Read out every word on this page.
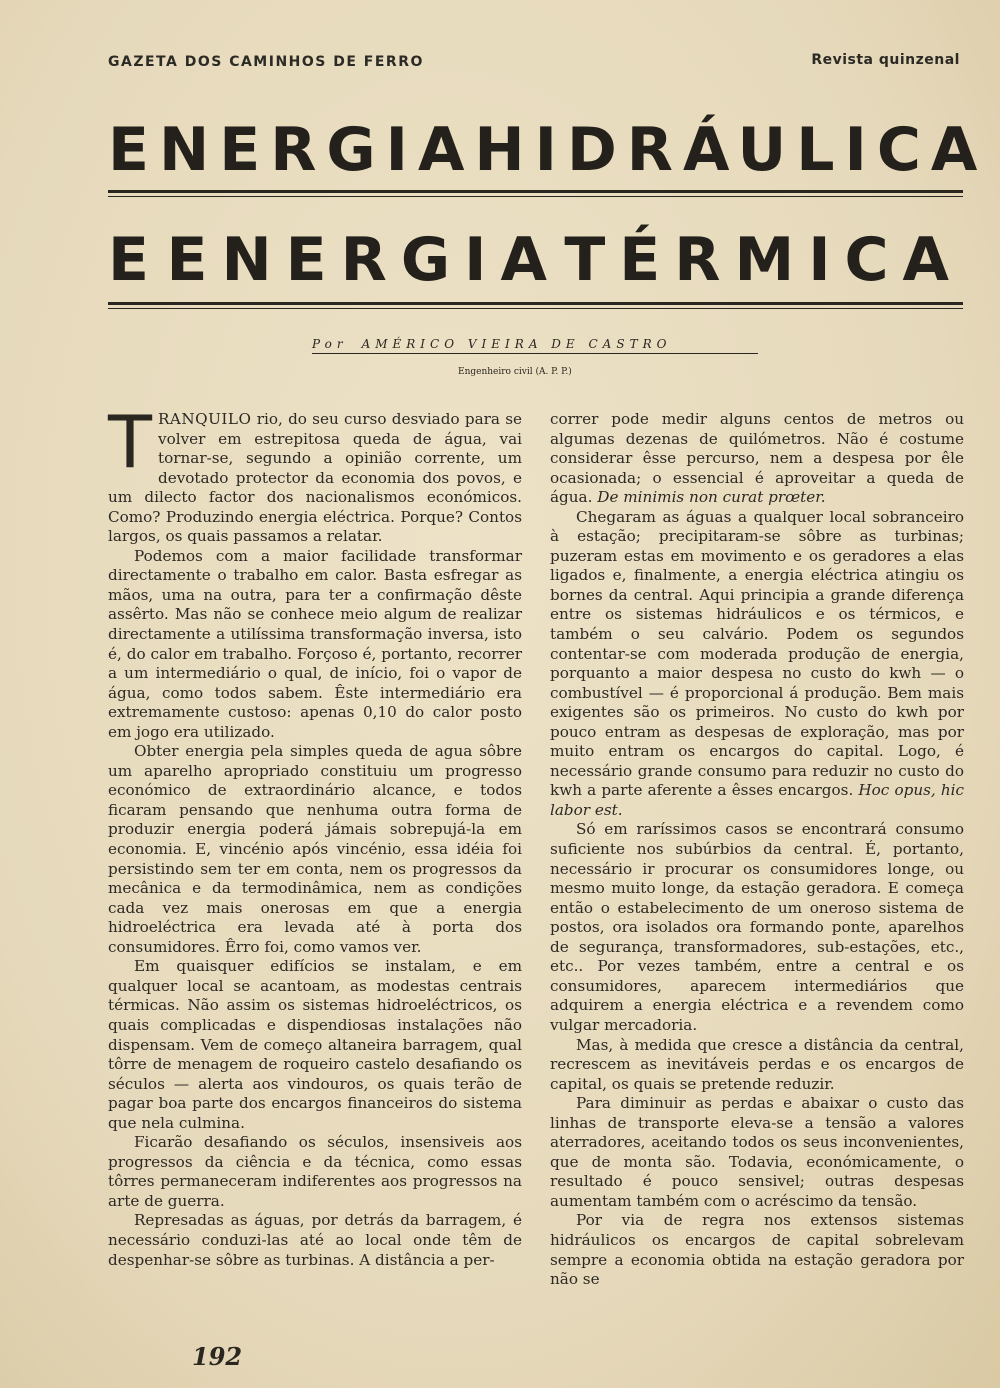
GAZETA DOS CAMINHOS DE FERRO	Revista quinzenal
ENERGIA HIDRÁULICA
E ENERGIA TÉRMICA
Por AMÉRICO VIEIRA DE CASTRO
Engenheiro civil (A. P. P.)

TRANQUILO rio, do seu curso desviado para se volver em estrepitosa queda de água, vai tornar-se, segundo a opinião corrente, um devotado protector da economia dos povos, e um dilecto factor dos nacionalismos económicos. Como? Produzindo energia eléctrica. Porque? Contos largos, os quais passamos a relatar.

Podemos com a maior facilidade transformar directamente o trabalho em calor. Basta esfregar as mãos, uma na outra, para ter a confirmação dêste assêrto. Mas não se conhece meio algum de realizar directamente a utilíssima transformação inversa, isto é, do calor em trabalho. Forçoso é, portanto, recorrer a um intermediário o qual, de início, foi o vapor de água, como todos sabem. Êste intermediário era extremamente custoso: apenas 0,10 do calor posto em jogo era utilizado.

Obter energia pela simples queda de agua sôbre um aparelho apropriado constituiu um progresso económico de extraordinário alcance, e todos ficaram pensando que nenhuma outra forma de produzir energia poderá jámais sobrepujá-la em economia. E, vincénio após vincénio, essa idéia foi persistindo sem ter em conta, nem os progressos da mecânica e da termodinâmica, nem as condições cada vez mais onerosas em que a energia hidroeléctrica era levada até à porta dos consumidores. Êrro foi, como vamos ver.

Em quaisquer edifícios se instalam, e em qualquer local se acantoam, as modestas centrais térmicas. Não assim os sistemas hidroeléctricos, os quais complicadas e dispendiosas instalações não dispensam. Vem de começo altaneira barragem, qual tôrre de menagem de roqueiro castelo desafiando os séculos — alerta aos vindouros, os quais terão de pagar boa parte dos encargos financeiros do sistema que nela culmina.

Ficarão desafiando os séculos, insensiveis aos progressos da ciência e da técnica, como essas tôrres permaneceram indiferentes aos progressos na arte de guerra.

Represadas as águas, por detrás da barragem, é necessário conduzi-las até ao local onde têm de despenhar-se sôbre as turbinas. A distância a per-

correr pode medir alguns centos de metros ou algumas dezenas de quilómetros. Não é costume considerar êsse percurso, nem a despesa por êle ocasionada; o essencial é aproveitar a queda de água. De minimis non curat prœter.

Chegaram as águas a qualquer local sobranceiro à estação; precipitaram-se sôbre as turbinas; puzeram estas em movimento e os geradores a elas ligados e, finalmente, a energia eléctrica atingiu os bornes da central. Aqui principia a grande diferença entre os sistemas hidráulicos e os térmicos, e também o seu calvário. Podem os segundos contentar-se com moderada produção de energia, porquanto a maior despesa no custo do kwh — o combustível — é proporcional á produção. Bem mais exigentes são os primeiros. No custo do kwh por pouco entram as despesas de exploração, mas por muito entram os encargos do capital. Logo, é necessário grande consumo para reduzir no custo do kwh a parte aferente a êsses encargos. Hoc opus, hic labor est.

Só em raríssimos casos se encontrará consumo suficiente nos subúrbios da central. É, portanto, necessário ir procurar os consumidores longe, ou mesmo muito longe, da estação geradora. E começa então o estabelecimento de um oneroso sistema de postos, ora isolados ora formando ponte, aparelhos de segurança, transformadores, sub-estações, etc., etc.. Por vezes também, entre a central e os consumidores, aparecem intermediários que adquirem a energia eléctrica e a revendem como vulgar mercadoria.

Mas, à medida que cresce a distância da central, recrescem as inevitáveis perdas e os encargos de capital, os quais se pretende reduzir.

Para diminuir as perdas e abaixar o custo das linhas de transporte eleva-se a tensão a valores aterradores, aceitando todos os seus inconvenientes, que de monta são. Todavia, económicamente, o resultado é pouco sensivel; outras despesas aumentam também com o acréscimo da tensão.

Por via de regra nos extensos sistemas hidráulicos os encargos de capital sobrelevam sempre a economia obtida na estação geradora por não se

192
